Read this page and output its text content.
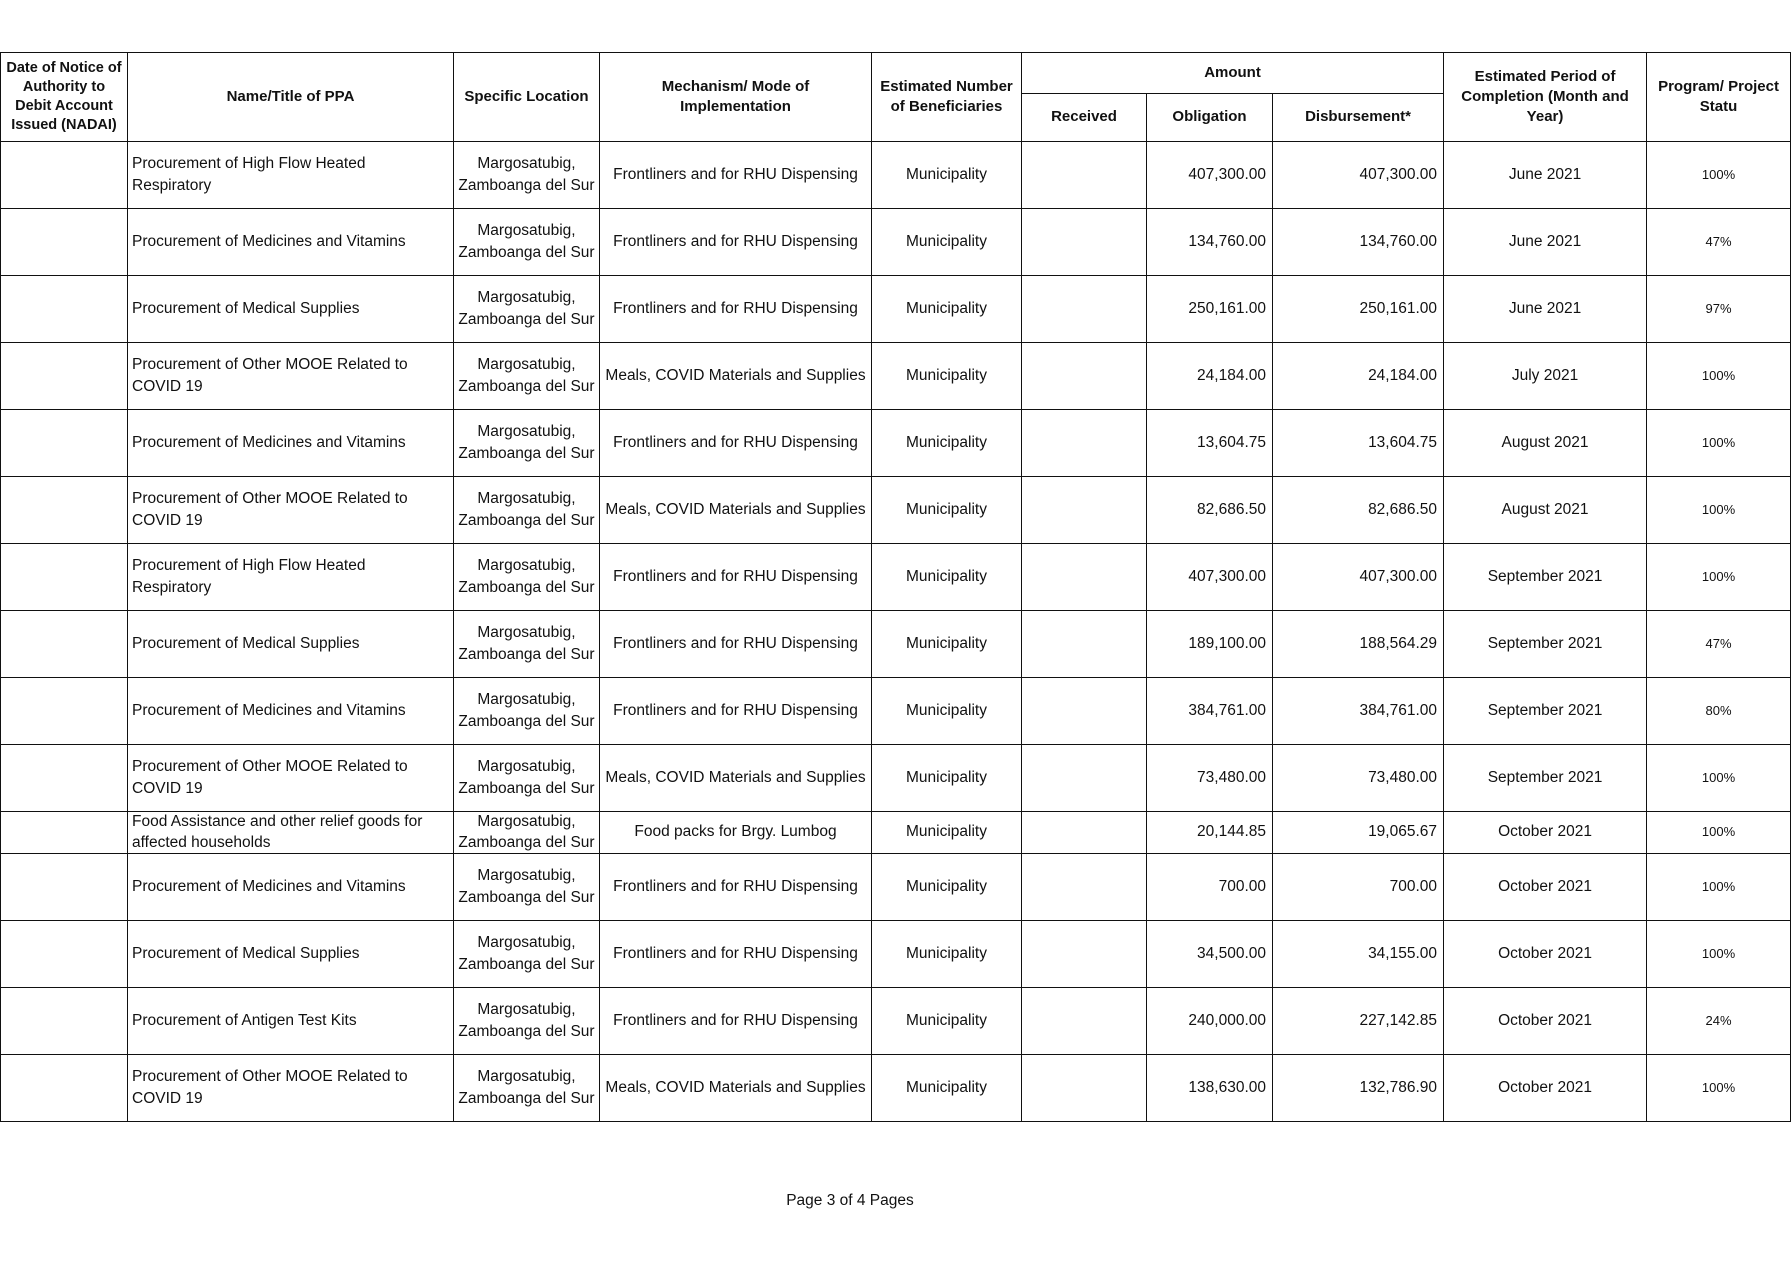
Date of Notice of Authority to Debit Account Issued (NADAI)	Name/Title of PPA	Specific Location	Mechanism/ Mode of Implementation	Estimated Number of Beneficiaries	Amount			Estimated Period of Completion (Month and Year)	Program/ Project Statu
					Received	Obligation	Disbursement*		
	Procurement of High Flow Heated Respiratory	Margosatubig, Zamboanga del Sur	Frontliners and for RHU Dispensing	Municipality		407,300.00	407,300.00	June 2021	100%
	Procurement of Medicines and Vitamins	Margosatubig, Zamboanga del Sur	Frontliners and for RHU Dispensing	Municipality		134,760.00	134,760.00	June 2021	47%
	Procurement of Medical Supplies	Margosatubig, Zamboanga del Sur	Frontliners and for RHU Dispensing	Municipality		250,161.00	250,161.00	June 2021	97%
	Procurement of Other MOOE Related to COVID 19	Margosatubig, Zamboanga del Sur	Meals, COVID Materials and Supplies	Municipality		24,184.00	24,184.00	July 2021	100%
	Procurement of Medicines and Vitamins	Margosatubig, Zamboanga del Sur	Frontliners and for RHU Dispensing	Municipality		13,604.75	13,604.75	August 2021	100%
	Procurement of Other MOOE Related to COVID 19	Margosatubig, Zamboanga del Sur	Meals, COVID Materials and Supplies	Municipality		82,686.50	82,686.50	August 2021	100%
	Procurement of High Flow Heated Respiratory	Margosatubig, Zamboanga del Sur	Frontliners and for RHU Dispensing	Municipality		407,300.00	407,300.00	September 2021	100%
	Procurement of Medical Supplies	Margosatubig, Zamboanga del Sur	Frontliners and for RHU Dispensing	Municipality		189,100.00	188,564.29	September 2021	47%
	Procurement of Medicines and Vitamins	Margosatubig, Zamboanga del Sur	Frontliners and for RHU Dispensing	Municipality		384,761.00	384,761.00	September 2021	80%
	Procurement of Other MOOE Related to COVID 19	Margosatubig, Zamboanga del Sur	Meals, COVID Materials and Supplies	Municipality		73,480.00	73,480.00	September 2021	100%
	Food Assistance and other relief goods for affected households	Margosatubig, Zamboanga del Sur	Food packs for Brgy. Lumbog	Municipality		20,144.85	19,065.67	October 2021	100%
	Procurement of Medicines and Vitamins	Margosatubig, Zamboanga del Sur	Frontliners and for RHU Dispensing	Municipality		700.00	700.00	October 2021	100%
	Procurement of Medical Supplies	Margosatubig, Zamboanga del Sur	Frontliners and for RHU Dispensing	Municipality		34,500.00	34,155.00	October 2021	100%
	Procurement of Antigen Test Kits	Margosatubig, Zamboanga del Sur	Frontliners and for RHU Dispensing	Municipality		240,000.00	227,142.85	October 2021	24%
	Procurement of Other MOOE Related to COVID 19	Margosatubig, Zamboanga del Sur	Meals, COVID Materials and Supplies	Municipality		138,630.00	132,786.90	October 2021	100%
Page 3 of 4 Pages
